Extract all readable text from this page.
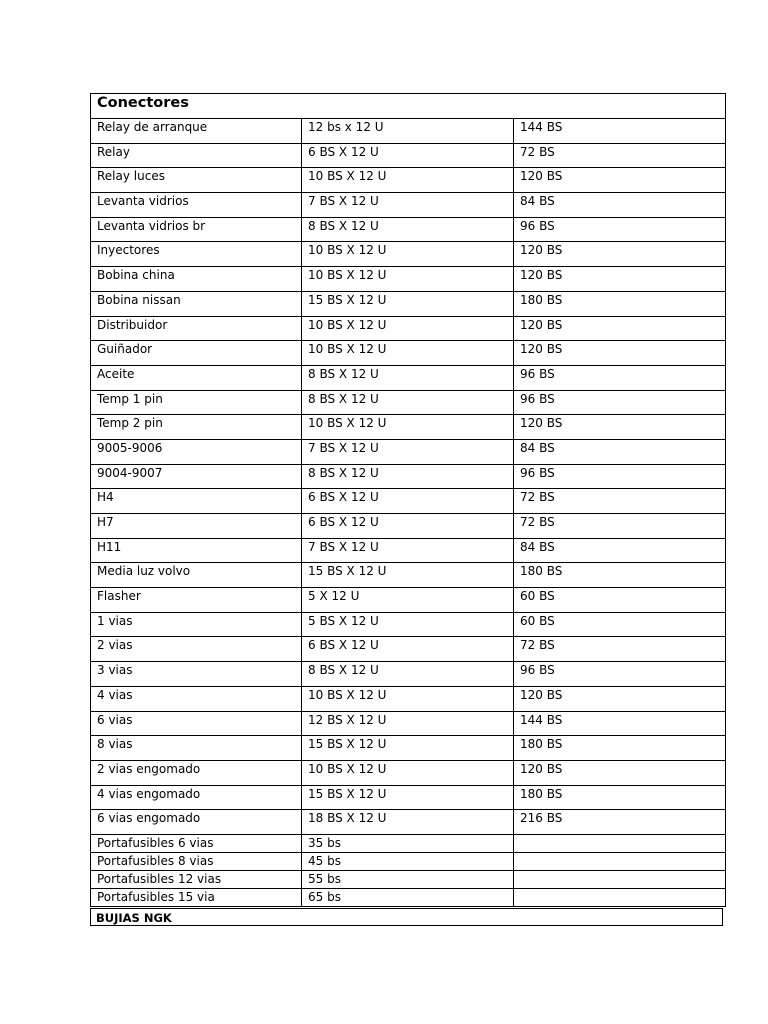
Conectores		
Relay de arranque	12 bs x 12 U	144 BS
Relay	6 BS X 12 U	72 BS
Relay luces	10 BS X 12 U	120 BS
Levanta vidrios	7 BS X 12 U	84 BS
Levanta vidrios br	8 BS X 12 U	96 BS
Inyectores	10 BS X 12 U	120 BS
Bobina china	10 BS X 12 U	120 BS
Bobina nissan	15 BS X 12 U	180 BS
Distribuidor	10 BS X 12 U	120 BS
Guiñador	10 BS X 12 U	120 BS
Aceite	8 BS X 12 U	96 BS
Temp 1 pin	8 BS X 12 U	96 BS
Temp 2 pin	10 BS X 12 U	120 BS
9005-9006	7 BS X 12 U	84 BS
9004-9007	8 BS X 12 U	96 BS
H4	6 BS X 12 U	72 BS
H7	6 BS X 12 U	72 BS
H11	7 BS X 12 U	84 BS
Media luz volvo	15 BS X 12 U	180 BS
Flasher	5 X 12 U	60 BS
1 vias	5 BS X 12 U	60 BS
2 vias	6 BS X 12 U	72 BS
3 vias	8 BS X 12 U	96 BS
4 vias	10 BS X 12 U	120 BS
6 vias	12 BS X 12 U	144 BS
8 vias	15 BS X 12 U	180 BS
2 vias engomado	10 BS X 12 U	120 BS
4 vias engomado	15 BS X 12 U	180 BS
6 vias engomado	18 BS X 12 U	216 BS
Portafusibles 6 vias	35 bs	
Portafusibles 8 vias	45 bs	
Portafusibles 12 vias	55 bs	
Portafusibles 15 via	65 bs	
BUJIAS NGK
